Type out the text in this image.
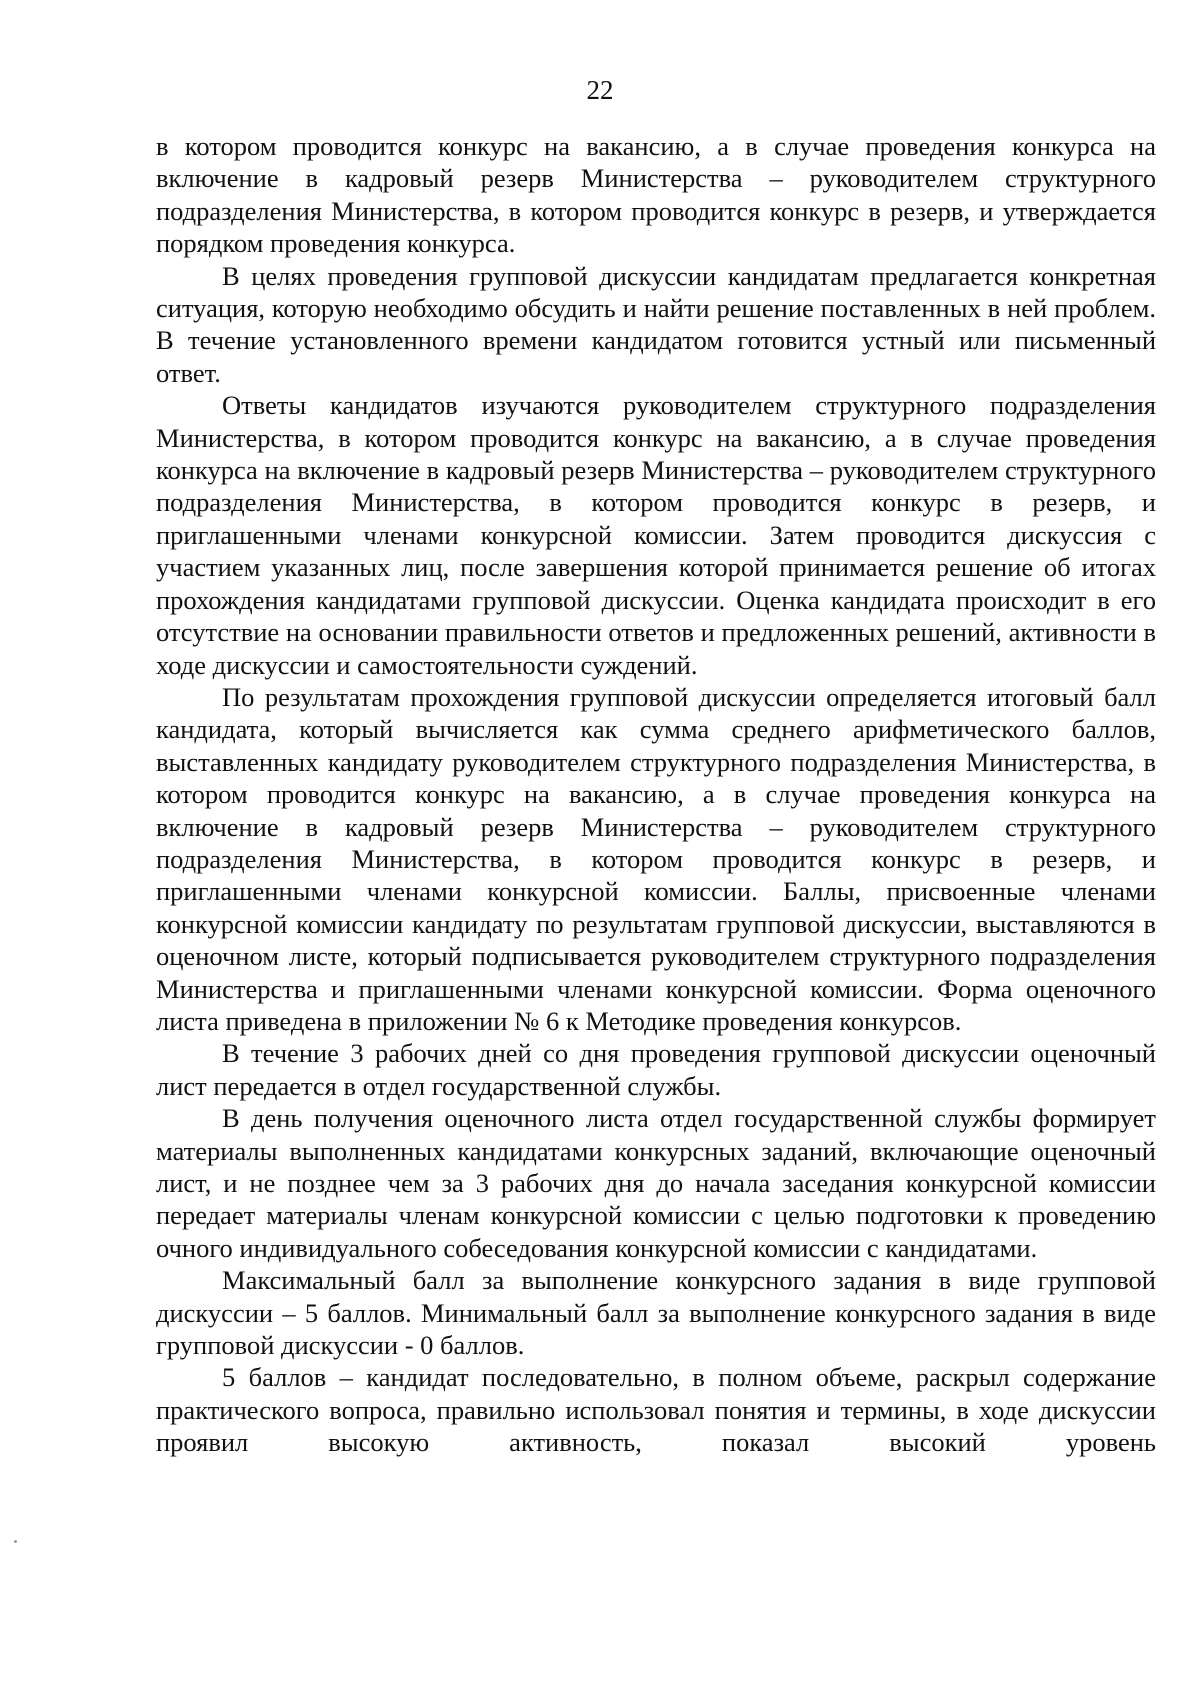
22

в котором проводится конкурс на вакансию, а в случае проведения конкурса на включение в кадровый резерв Министерства – руководителем структурного подразделения Министерства, в котором проводится конкурс в резерв, и утверждается порядком проведения конкурса.

В целях проведения групповой дискуссии кандидатам предлагается конкретная ситуация, которую необходимо обсудить и найти решение поставленных в ней проблем. В течение установленного времени кандидатом готовится устный или письменный ответ.

Ответы кандидатов изучаются руководителем структурного подразделения Министерства, в котором проводится конкурс на вакансию, а в случае проведения конкурса на включение в кадровый резерв Министерства – руководителем структурного подразделения Министерства, в котором проводится конкурс в резерв, и приглашенными членами конкурсной комиссии. Затем проводится дискуссия с участием указанных лиц, после завершения которой принимается решение об итогах прохождения кандидатами групповой дискуссии. Оценка кандидата происходит в его отсутствие на основании правильности ответов и предложенных решений, активности в ходе дискуссии и самостоятельности суждений.

По результатам прохождения групповой дискуссии определяется итоговый балл кандидата, который вычисляется как сумма среднего арифметического баллов, выставленных кандидату руководителем структурного подразделения Министерства, в котором проводится конкурс на вакансию, а в случае проведения конкурса на включение в кадровый резерв Министерства – руководителем структурного подразделения Министерства, в котором проводится конкурс в резерв, и приглашенными членами конкурсной комиссии. Баллы, присвоенные членами конкурсной комиссии кандидату по результатам групповой дискуссии, выставляются в оценочном листе, который подписывается руководителем структурного подразделения Министерства и приглашенными членами конкурсной комиссии. Форма оценочного листа приведена в приложении № 6 к Методике проведения конкурсов.

В течение 3 рабочих дней со дня проведения групповой дискуссии оценочный лист передается в отдел государственной службы.

В день получения оценочного листа отдел государственной службы формирует материалы выполненных кандидатами конкурсных заданий, включающие оценочный лист, и не позднее чем за 3 рабочих дня до начала заседания конкурсной комиссии передает материалы членам конкурсной комиссии с целью подготовки к проведению очного индивидуального собеседования конкурсной комиссии с кандидатами.

Максимальный балл за выполнение конкурсного задания в виде групповой дискуссии – 5 баллов. Минимальный балл за выполнение конкурсного задания в виде групповой дискуссии - 0 баллов.

5 баллов – кандидат последовательно, в полном объеме, раскрыл содержание практического вопроса, правильно использовал понятия и термины, в ходе дискуссии проявил высокую активность, показал высокий уровень
